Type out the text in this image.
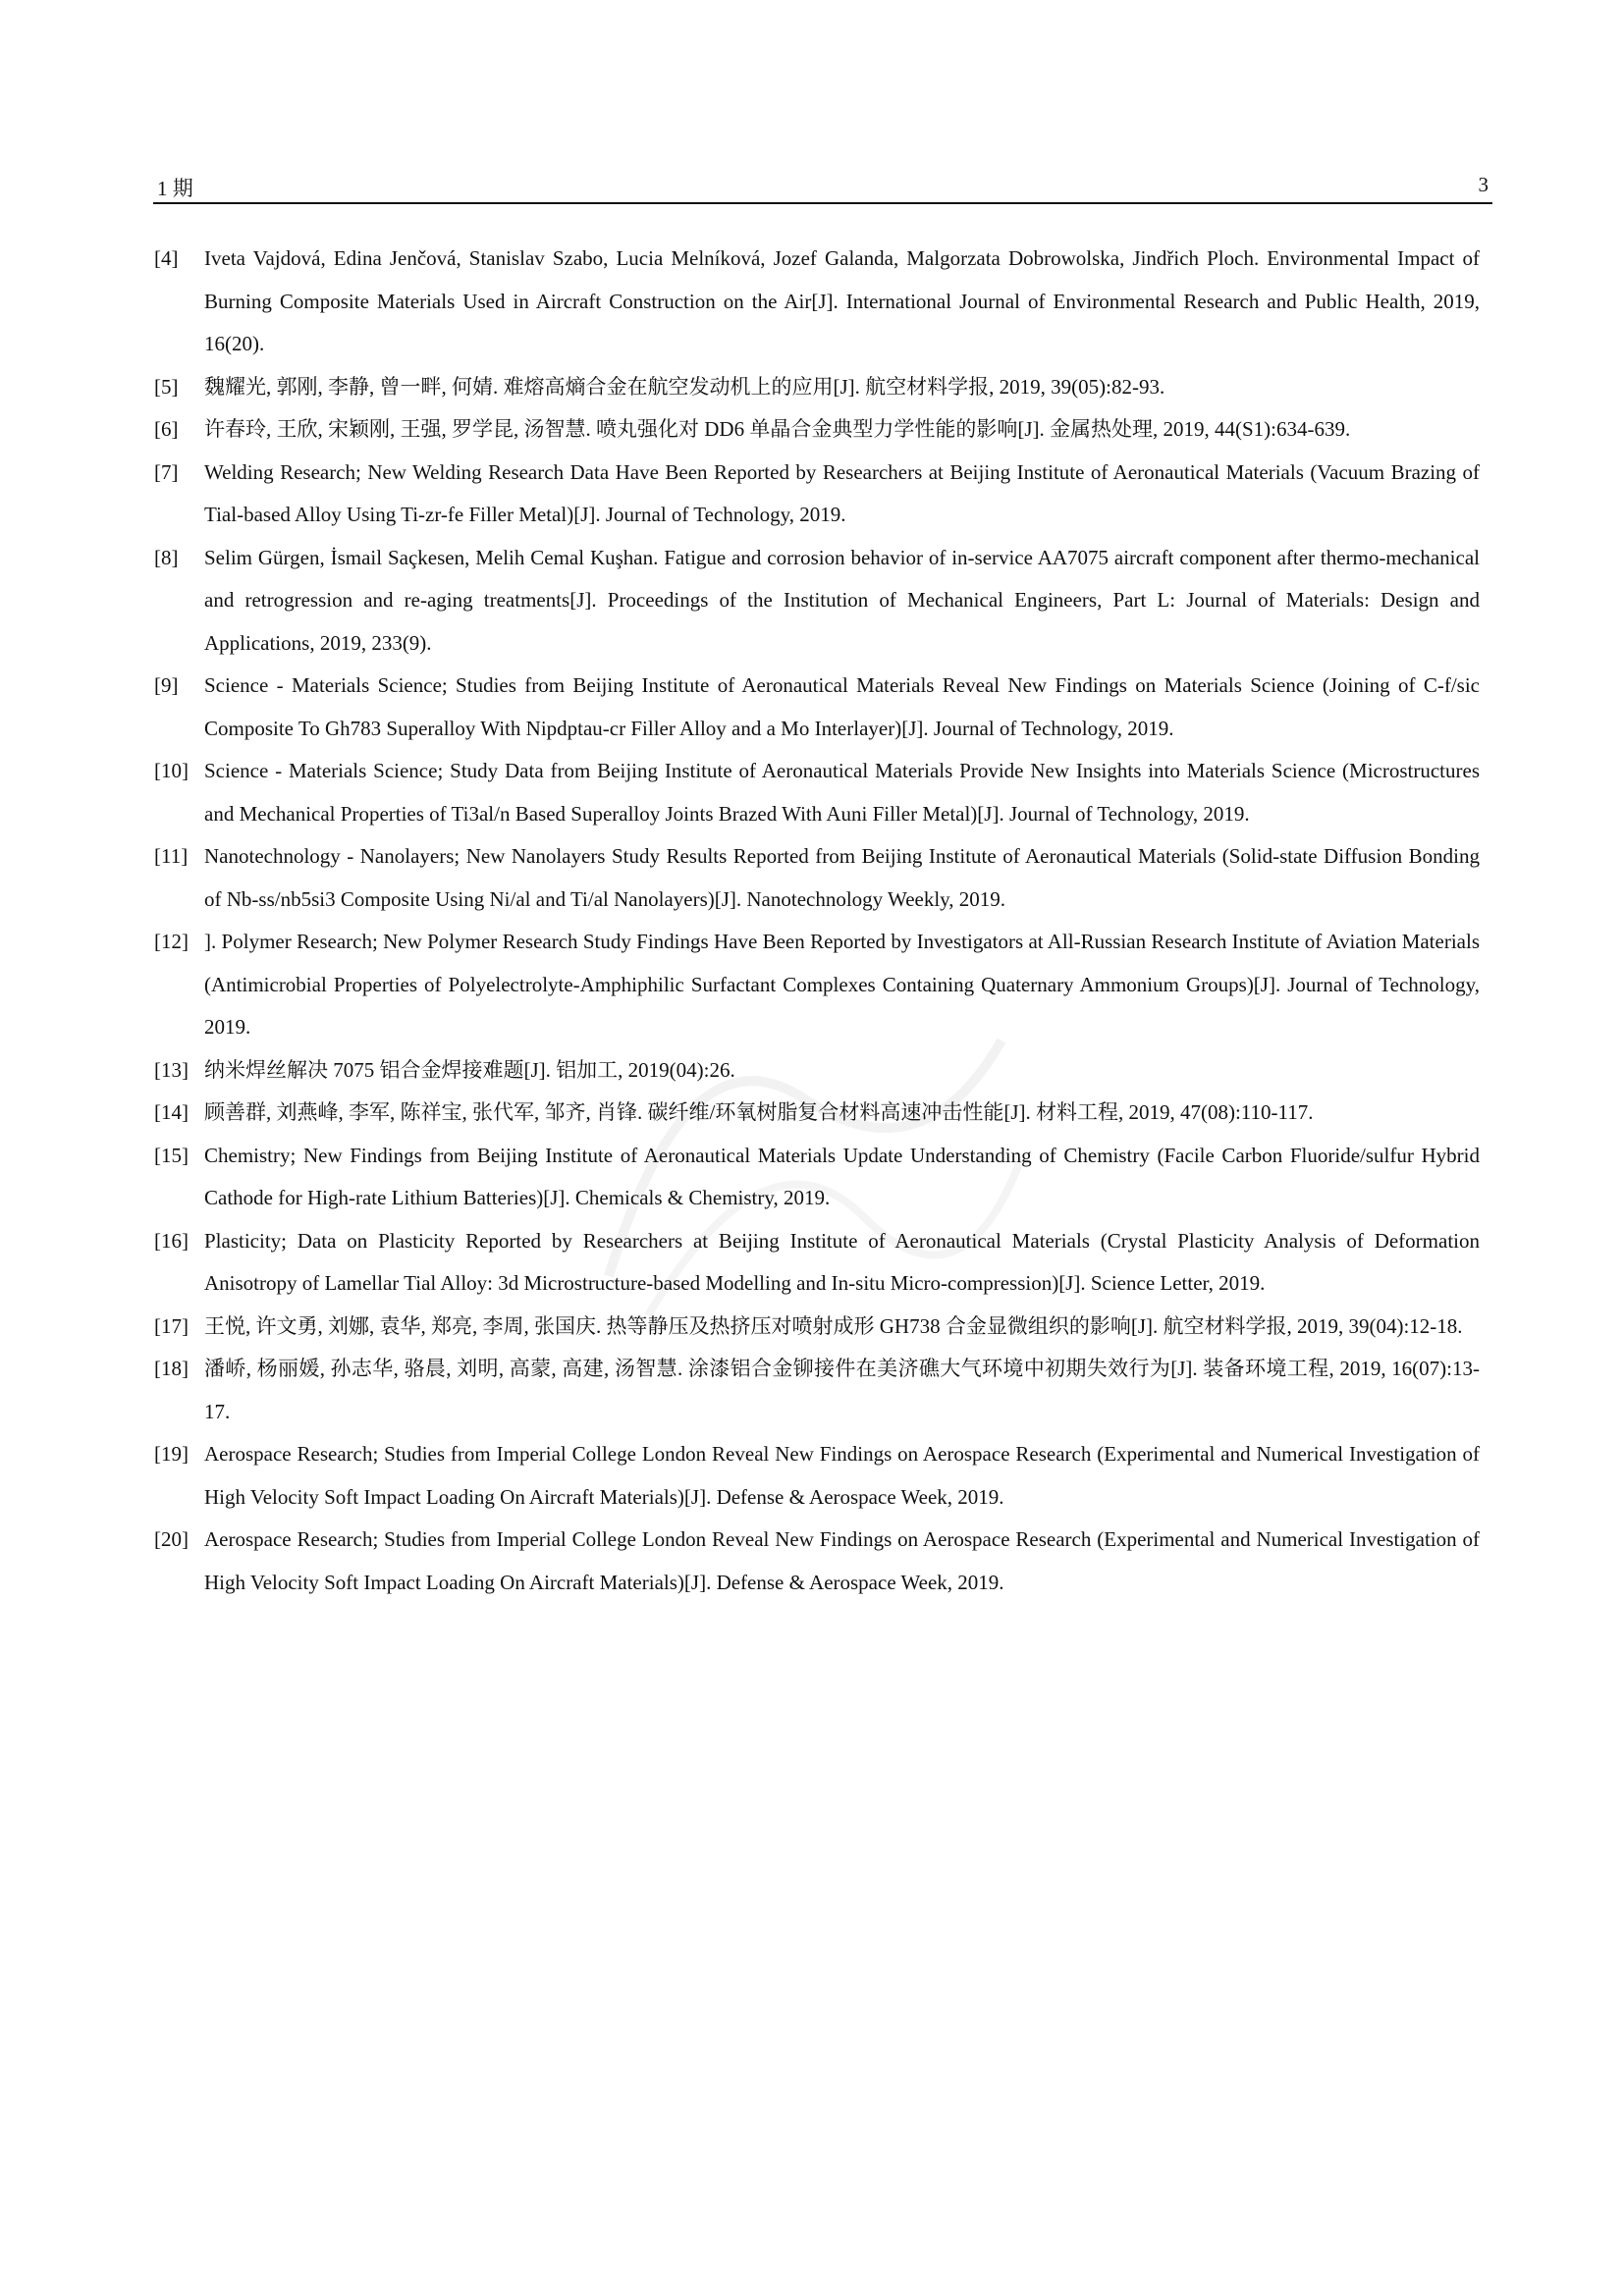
1 期	3
[4] Iveta Vajdová, Edina Jenčová, Stanislav Szabo, Lucia Melníková, Jozef Galanda, Malgorzata Dobrowolska, Jindřich Ploch. Environmental Impact of Burning Composite Materials Used in Aircraft Construction on the Air[J]. International Journal of Environmental Research and Public Health, 2019, 16(20).
[5] 魏耀光, 郭刚, 李静, 曾一畔, 何婧. 难熔高熵合金在航空发动机上的应用[J]. 航空材料学报, 2019, 39(05):82-93.
[6] 许春玲, 王欣, 宋颖刚, 王强, 罗学昆, 汤智慧. 喷丸强化对 DD6 单晶合金典型力学性能的影响[J]. 金属热处理, 2019, 44(S1):634-639.
[7] Welding Research; New Welding Research Data Have Been Reported by Researchers at Beijing Institute of Aeronautical Materials (Vacuum Brazing of Tial-based Alloy Using Ti-zr-fe Filler Metal)[J]. Journal of Technology, 2019.
[8] Selim Gürgen, İsmail Saçkesen, Melih Cemal Kuşhan. Fatigue and corrosion behavior of in-service AA7075 aircraft component after thermo-mechanical and retrogression and re-aging treatments[J]. Proceedings of the Institution of Mechanical Engineers, Part L: Journal of Materials: Design and Applications, 2019, 233(9).
[9] Science - Materials Science; Studies from Beijing Institute of Aeronautical Materials Reveal New Findings on Materials Science (Joining of C-f/sic Composite To Gh783 Superalloy With Nipdptau-cr Filler Alloy and a Mo Interlayer)[J]. Journal of Technology, 2019.
[10] Science - Materials Science; Study Data from Beijing Institute of Aeronautical Materials Provide New Insights into Materials Science (Microstructures and Mechanical Properties of Ti3al/n Based Superalloy Joints Brazed With Auni Filler Metal)[J]. Journal of Technology, 2019.
[11] Nanotechnology - Nanolayers; New Nanolayers Study Results Reported from Beijing Institute of Aeronautical Materials (Solid-state Diffusion Bonding of Nb-ss/nb5si3 Composite Using Ni/al and Ti/al Nanolayers)[J]. Nanotechnology Weekly, 2019.
[12] ]. Polymer Research; New Polymer Research Study Findings Have Been Reported by Investigators at All-Russian Research Institute of Aviation Materials (Antimicrobial Properties of Polyelectrolyte-Amphiphilic Surfactant Complexes Containing Quaternary Ammonium Groups)[J]. Journal of Technology, 2019.
[13] 纳米焊丝解决 7075 铝合金焊接难题[J]. 铝加工, 2019(04):26.
[14] 顾善群, 刘燕峰, 李军, 陈祥宝, 张代军, 邹齐, 肖锋. 碳纤维/环氧树脂复合材料高速冲击性能[J]. 材料工程, 2019, 47(08):110-117.
[15] Chemistry; New Findings from Beijing Institute of Aeronautical Materials Update Understanding of Chemistry (Facile Carbon Fluoride/sulfur Hybrid Cathode for High-rate Lithium Batteries)[J]. Chemicals & Chemistry, 2019.
[16] Plasticity; Data on Plasticity Reported by Researchers at Beijing Institute of Aeronautical Materials (Crystal Plasticity Analysis of Deformation Anisotropy of Lamellar Tial Alloy: 3d Microstructure-based Modelling and In-situ Micro-compression)[J]. Science Letter, 2019.
[17] 王悦, 许文勇, 刘娜, 袁华, 郑亮, 李周, 张国庆. 热等静压及热挤压对喷射成形 GH738 合金显微组织的影响[J]. 航空材料学报, 2019, 39(04):12-18.
[18] 潘峤, 杨丽媛, 孙志华, 骆晨, 刘明, 高蒙, 高建, 汤智慧. 涂漆铝合金铆接件在美济礁大气环境中初期失效行为[J]. 装备环境工程, 2019, 16(07):13-17.
[19] Aerospace Research; Studies from Imperial College London Reveal New Findings on Aerospace Research (Experimental and Numerical Investigation of High Velocity Soft Impact Loading On Aircraft Materials)[J]. Defense & Aerospace Week, 2019.
[20] Aerospace Research; Studies from Imperial College London Reveal New Findings on Aerospace Research (Experimental and Numerical Investigation of High Velocity Soft Impact Loading On Aircraft Materials)[J]. Defense & Aerospace Week, 2019.
